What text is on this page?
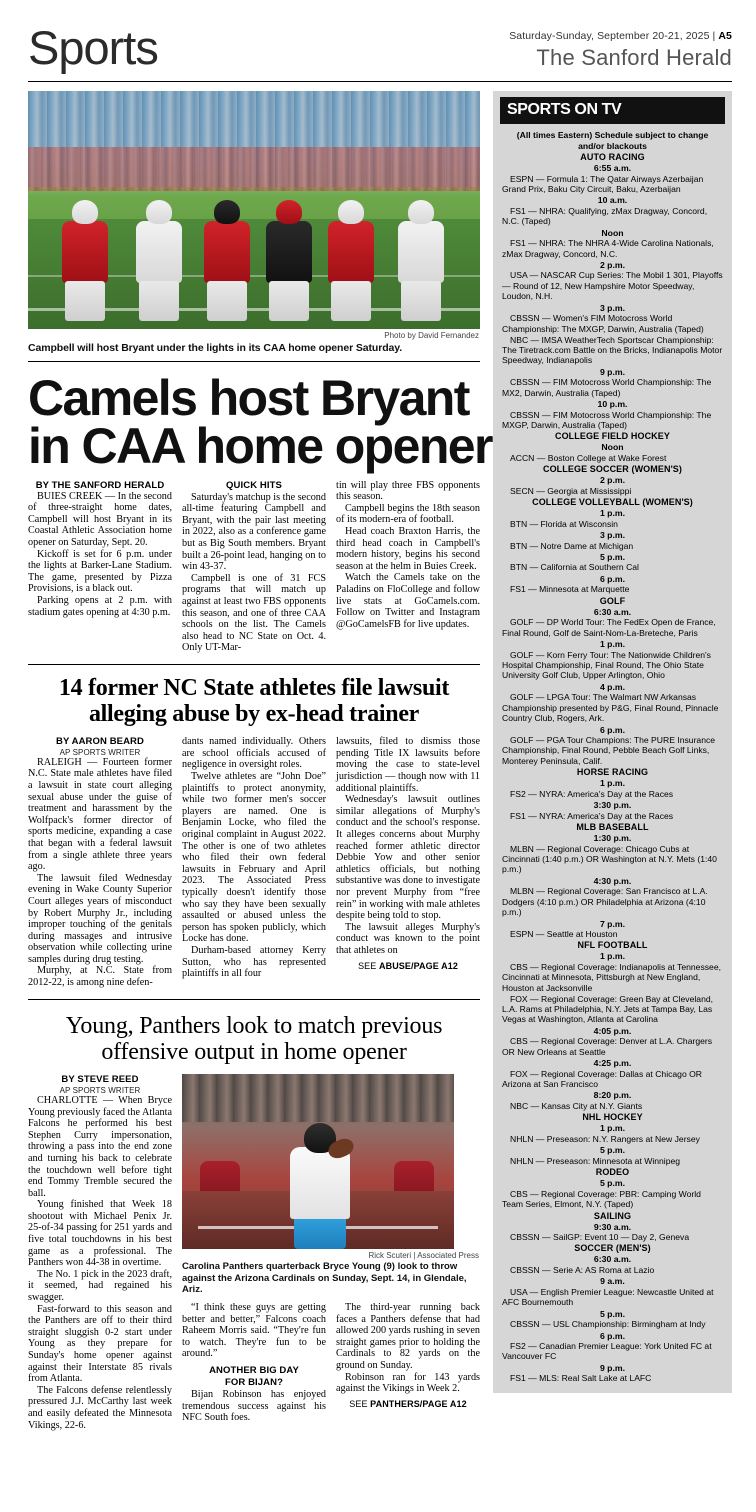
Sports	Saturday-Sunday, September 20-21, 2025 | A5
The Sanford Herald
Photo by David Fernandez
Campbell will host Bryant under the lights in its CAA home opener Saturday.
Camels host Bryant
in CAA home opener
BY THE SANFORD HERALD

BUIES CREEK — In the second of three-straight home dates, Campbell will host Bryant in its Coastal Athletic Association home opener on Saturday, Sept. 20.

Kickoff is set for 6 p.m. under the lights at Barker-Lane Stadium. The game, presented by Pizza Provisions, is a black out.

Parking opens at 2 p.m. with stadium gates opening at 4:30 p.m.

QUICK HITS

Saturday's matchup is the second all-time featuring Campbell and Bryant, with the pair last meeting in 2022, also as a conference game but as Big South members. Bryant built a 26-point lead, hanging on to win 43-37.

Campbell is one of 31 FCS programs that will match up against at least two FBS opponents this season, and one of three CAA schools on the list. The Camels also head to NC State on Oct. 4. Only UT-Mar-

tin will play three FBS opponents this season.

Campbell begins the 18th season of its modern-era of football.

Head coach Braxton Harris, the third head coach in Campbell's modern history, begins his second season at the helm in Buies Creek.

Watch the Camels take on the Paladins on FloCollege and follow live stats at GoCamels.com. Follow on Twitter and Instagram @GoCamelsFB for live updates.

14 former NC State athletes file lawsuit
alleging abuse by ex-head trainer
BY AARON BEARD
AP SPORTS WRITER

RALEIGH — Fourteen former N.C. State male athletes have filed a lawsuit in state court alleging sexual abuse under the guise of treatment and harassment by the Wolfpack's former director of sports medicine, expanding a case that began with a federal lawsuit from a single athlete three years ago.

The lawsuit filed Wednesday evening in Wake County Superior Court alleges years of misconduct by Robert Murphy Jr., including improper touching of the genitals during massages and intrusive observation while collecting urine samples during drug testing.

Murphy, at N.C. State from 2012-22, is among nine defen-

dants named individually. Others are school officials accused of negligence in oversight roles.

Twelve athletes are “John Doe” plaintiffs to protect anonymity, while two former men's soccer players are named. One is Benjamin Locke, who filed the original complaint in August 2022. The other is one of two athletes who filed their own federal lawsuits in February and April 2023. The Associated Press typically doesn't identify those who say they have been sexually assaulted or abused unless the person has spoken publicly, which Locke has done.

Durham-based attorney Kerry Sutton, who has represented plaintiffs in all four

lawsuits, filed to dismiss those pending Title IX lawsuits before moving the case to state-level jurisdiction — though now with 11 additional plaintiffs.

Wednesday's lawsuit outlines similar allegations of Murphy's conduct and the school's response. It alleges concerns about Murphy reached former athletic director Debbie Yow and other senior athletics officials, but nothing substantive was done to investigate nor prevent Murphy from “free rein” in working with male athletes despite being told to stop.

The lawsuit alleges Murphy's conduct was known to the point that athletes on

SEE ABUSE/PAGE A12
Young, Panthers look to match previous
offensive output in home opener
BY STEVE REED
AP SPORTS WRITER

CHARLOTTE — When Bryce Young previously faced the Atlanta Falcons he performed his best Stephen Curry impersonation, throwing a pass into the end zone and turning his back to celebrate the touchdown well before tight end Tommy Tremble secured the ball.

Young finished that Week 18 shootout with Michael Penix Jr. 25-of-34 passing for 251 yards and five total touchdowns in his best game as a professional. The Panthers won 44-38 in overtime.

The No. 1 pick in the 2023 draft, it seemed, had regained his swagger.

Fast-forward to this season and the Panthers are off to their third straight sluggish 0-2 start under Young as they prepare for Sunday's home opener against against their Interstate 85 rivals from Atlanta.

The Falcons defense relentlessly pressured J.J. McCarthy last week and easily defeated the Minnesota Vikings, 22-6.

Rick Scuteri | Associated Press
Carolina Panthers quarterback Bryce Young (9) look to throw against the Arizona Cardinals on Sunday, Sept. 14, in Glendale, Ariz.

“I think these guys are getting better and better,” Falcons coach Raheem Morris said. “They're fun to watch. They're fun to be around.”

ANOTHER BIG DAY
FOR BIJAN?

Bijan Robinson has enjoyed tremendous success against his NFC South foes.

The third-year running back faces a Panthers defense that had allowed 200 yards rushing in seven straight games prior to holding the Cardinals to 82 yards on the ground on Sunday.

Robinson ran for 143 yards against the Vikings in Week 2.

SEE PANTHERS/PAGE A12
SPORTS ON TV
(All times Eastern) Schedule subject to change
and/or blackouts
AUTO RACING
6:55 a.m.
ESPN — Formula 1: The Qatar Airways Azerbaijan Grand Prix, Baku City Circuit, Baku, Azerbaijan
10 a.m.
FS1 — NHRA: Qualifying, zMax Dragway, Concord, N.C. (Taped)
Noon
FS1 — NHRA: The NHRA 4-Wide Carolina Nationals, zMax Dragway, Concord, N.C.
2 p.m.
USA — NASCAR Cup Series: The Mobil 1 301, Playoffs — Round of 12, New Hampshire Motor Speedway, Loudon, N.H.
3 p.m.
CBSSN — Women's FIM Motocross World Championship: The MXGP, Darwin, Australia (Taped)
NBC — IMSA WeatherTech Sportscar Championship: The Tiretrack.com Battle on the Bricks, Indianapolis Motor Speedway, Indianapolis
9 p.m.
CBSSN — FIM Motocross World Championship: The MX2, Darwin, Australia (Taped)
10 p.m.
CBSSN — FIM Motocross World Championship: The MXGP, Darwin, Australia (Taped)
COLLEGE FIELD HOCKEY
Noon
ACCN — Boston College at Wake Forest
COLLEGE SOCCER (WOMEN'S)
2 p.m.
SECN — Georgia at Mississippi
COLLEGE VOLLEYBALL (WOMEN'S)
1 p.m.
BTN — Florida at Wisconsin
3 p.m.
BTN — Notre Dame at Michigan
5 p.m.
BTN — California at Southern Cal
6 p.m.
FS1 — Minnesota at Marquette
GOLF
6:30 a.m.
GOLF — DP World Tour: The FedEx Open de France, Final Round, Golf de Saint-Nom-La-Breteche, Paris
1 p.m.
GOLF — Korn Ferry Tour: The Nationwide Children's Hospital Championship, Final Round, The Ohio State University Golf Club, Upper Arlington, Ohio
4 p.m.
GOLF — LPGA Tour: The Walmart NW Arkansas Championship presented by P&G, Final Round, Pinnacle Country Club, Rogers, Ark.
6 p.m.
GOLF — PGA Tour Champions: The PURE Insurance Championship, Final Round, Pebble Beach Golf Links, Monterey Peninsula, Calif.
HORSE RACING
1 p.m.
FS2 — NYRA: America's Day at the Races
3:30 p.m.
FS1 — NYRA: America's Day at the Races
MLB BASEBALL
1:30 p.m.
MLBN — Regional Coverage: Chicago Cubs at Cincinnati (1:40 p.m.) OR Washington at N.Y. Mets (1:40 p.m.)
4:30 p.m.
MLBN — Regional Coverage: San Francisco at L.A. Dodgers (4:10 p.m.) OR Philadelphia at Arizona (4:10 p.m.)
7 p.m.
ESPN — Seattle at Houston
NFL FOOTBALL
1 p.m.
CBS — Regional Coverage: Indianapolis at Tennessee, Cincinnati at Minnesota, Pittsburgh at New England, Houston at Jacksonville
FOX — Regional Coverage: Green Bay at Cleveland, L.A. Rams at Philadelphia, N.Y. Jets at Tampa Bay, Las Vegas at Washington, Atlanta at Carolina
4:05 p.m.
CBS — Regional Coverage: Denver at L.A. Chargers OR New Orleans at Seattle
4:25 p.m.
FOX — Regional Coverage: Dallas at Chicago OR Arizona at San Francisco
8:20 p.m.
NBC — Kansas City at N.Y. Giants
NHL HOCKEY
1 p.m.
NHLN — Preseason: N.Y. Rangers at New Jersey
5 p.m.
NHLN — Preseason: Minnesota at Winnipeg
RODEO
5 p.m.
CBS — Regional Coverage: PBR: Camping World Team Series, Elmont, N.Y. (Taped)
SAILING
9:30 a.m.
CBSSN — SailGP: Event 10 — Day 2, Geneva
SOCCER (MEN'S)
6:30 a.m.
CBSSN — Serie A: AS Roma at Lazio
9 a.m.
USA — English Premier League: Newcastle United at AFC Bournemouth
5 p.m.
CBSSN — USL Championship: Birmingham at Indy
6 p.m.
FS2 — Canadian Premier League: York United FC at Vancouver FC
9 p.m.
FS1 — MLS: Real Salt Lake at LAFC
